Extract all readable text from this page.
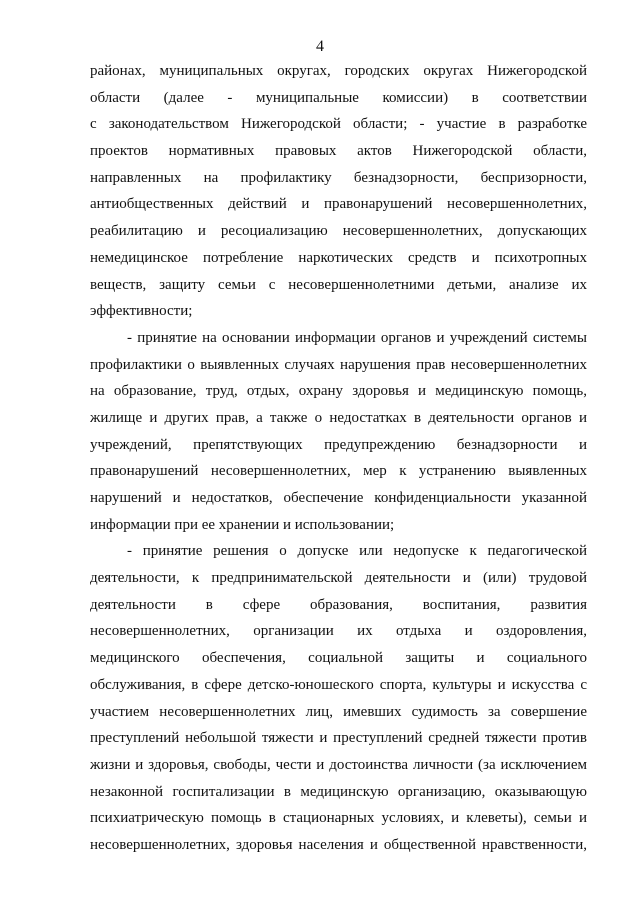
4
районах, муниципальных округах, городских округах Нижегородской
области (далее - муниципальные комиссии) в соответствии
с законодательством Нижегородской области; - участие в разработке
проектов нормативных правовых актов Нижегородской области,
направленных на профилактику безнадзорности, беспризорности,
антиобщественных действий и правонарушений несовершеннолетних,
реабилитацию и ресоциализацию несовершеннолетних, допускающих
немедицинское потребление наркотических средств и психотропных
веществ, защиту семьи с несовершеннолетними детьми, анализе их
эффективности;
- принятие на основании информации органов и учреждений системы
профилактики о выявленных случаях нарушения прав несовершеннолетних
на образование, труд, отдых, охрану здоровья и медицинскую помощь,
жилище и других прав, а также о недостатках в деятельности органов и
учреждений, препятствующих предупреждению безнадзорности и
правонарушений несовершеннолетних, мер к устранению выявленных
нарушений и недостатков, обеспечение конфиденциальности указанной
информации при ее хранении и использовании;
- принятие решения о допуске или недопуске к педагогической
деятельности, к предпринимательской деятельности и (или) трудовой
деятельности в сфере образования, воспитания, развития
несовершеннолетних, организации их отдыха и оздоровления,
медицинского обеспечения, социальной защиты и социального
обслуживания, в сфере детско-юношеского спорта, культуры и искусства с
участием несовершеннолетних лиц, имевших судимость за совершение
преступлений небольшой тяжести и преступлений средней тяжести против
жизни и здоровья, свободы, чести и достоинства личности (за исключением
незаконной госпитализации в медицинскую организацию, оказывающую
психиатрическую помощь в стационарных условиях, и клеветы), семьи и
несовершеннолетних, здоровья населения и общественной нравственности,
